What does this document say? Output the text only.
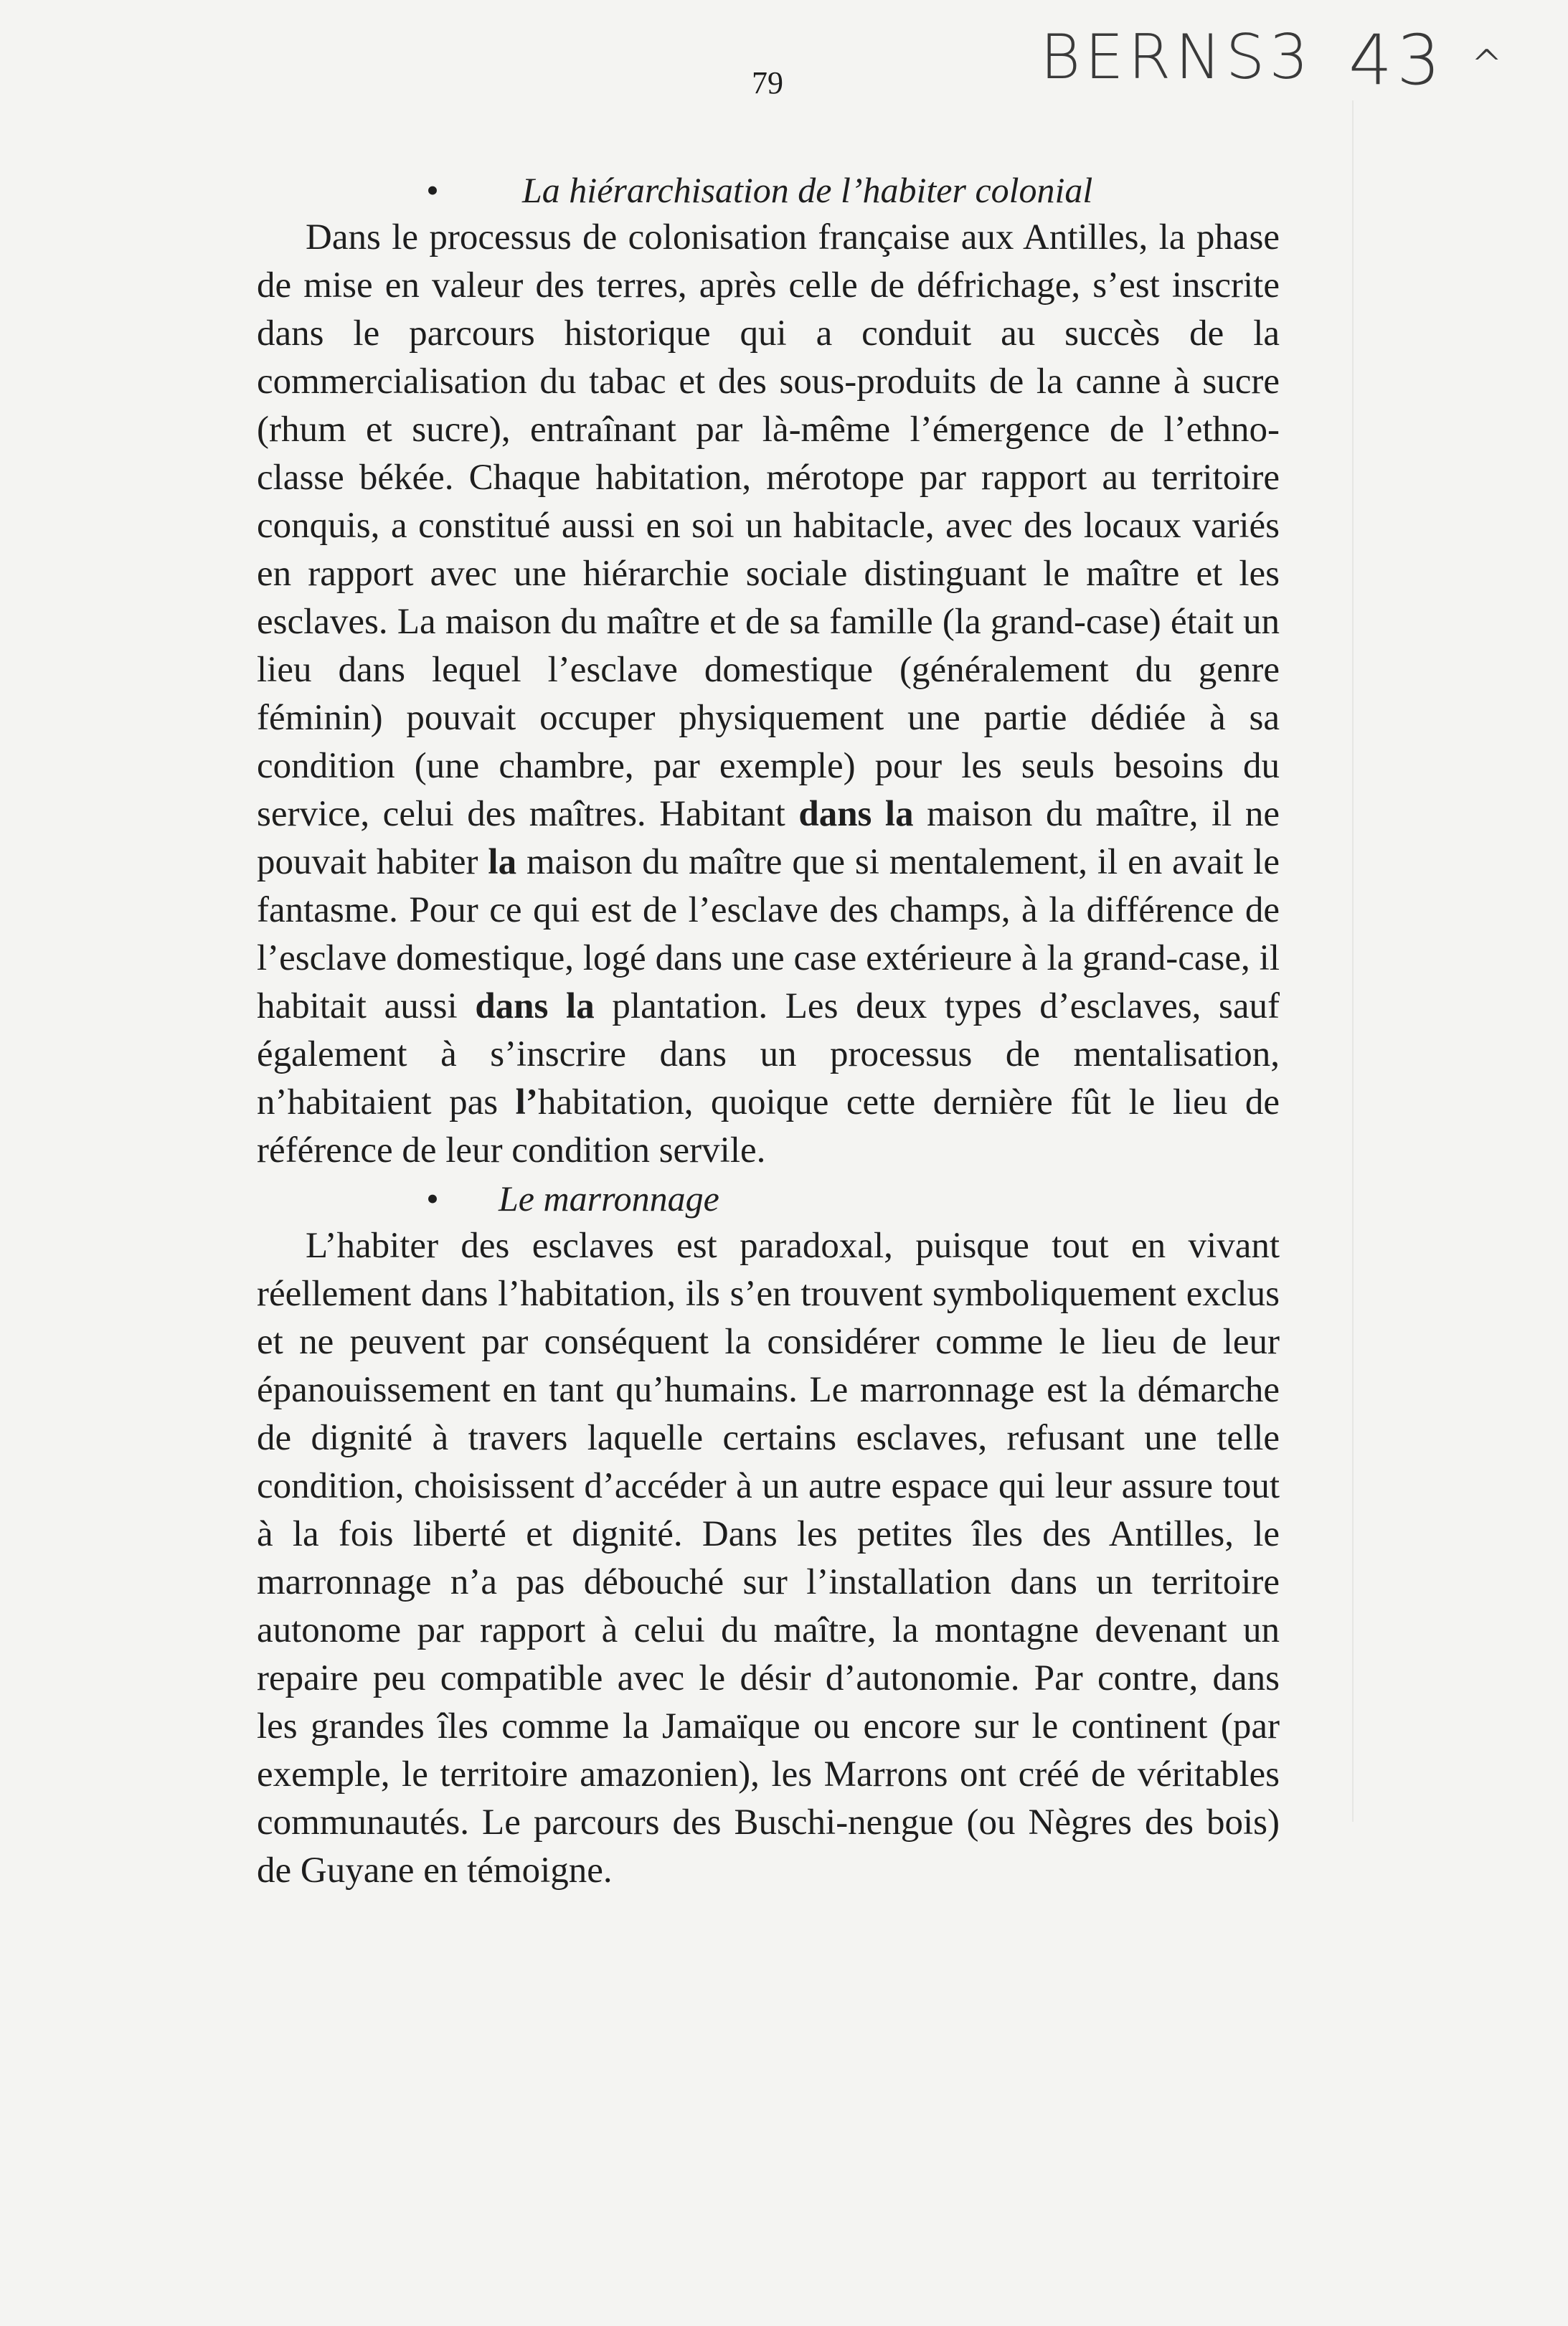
79	BERNS3 43 ^
• La hiérarchisation de l’habiter colonial

Dans le processus de colonisation française aux Antilles, la phase de mise en valeur des terres, après celle de défrichage, s’est inscrite dans le parcours historique qui a conduit au succès de la commercialisation du tabac et des sous-produits de la canne à sucre (rhum et sucre), entraînant par là-même l’émergence de l’ethno-classe békée. Chaque habitation, mérotope par rapport au territoire conquis, a constitué aussi en soi un habitacle, avec des locaux variés en rapport avec une hiérarchie sociale distinguant le maître et les esclaves. La maison du maître et de sa famille (la grand-case) était un lieu dans lequel l’esclave domestique (généralement du genre féminin) pouvait occuper physiquement une partie dédiée à sa condition (une chambre, par exemple) pour les seuls besoins du service, celui des maîtres. Habitant dans la maison du maître, il ne pouvait habiter la maison du maître que si mentalement, il en avait le fantasme. Pour ce qui est de l’esclave des champs, à la différence de l’esclave domestique, logé dans une case extérieure à la grand-case, il habitait aussi dans la plantation. Les deux types d’esclaves, sauf également à s’inscrire dans un processus de mentalisation, n’habitaient pas l’habitation, quoique cette dernière fût le lieu de référence de leur condition servile.

• Le marronnage

L’habiter des esclaves est paradoxal, puisque tout en vivant réellement dans l’habitation, ils s’en trouvent symboliquement exclus et ne peuvent par conséquent la considérer comme le lieu de leur épanouissement en tant qu’humains. Le marronnage est la démarche de dignité à travers laquelle certains esclaves, refusant une telle condition, choisissent d’accéder à un autre espace qui leur assure tout à la fois liberté et dignité. Dans les petites îles des Antilles, le marronnage n’a pas débouché sur l’installation dans un territoire autonome par rapport à celui du maître, la montagne devenant un repaire peu compatible avec le désir d’autonomie. Par contre, dans les grandes îles comme la Jamaïque ou encore sur le continent (par exemple, le territoire amazonien), les Marrons ont créé de véritables communautés. Le parcours des Buschi-nengue (ou Nègres des bois) de Guyane en témoigne.
